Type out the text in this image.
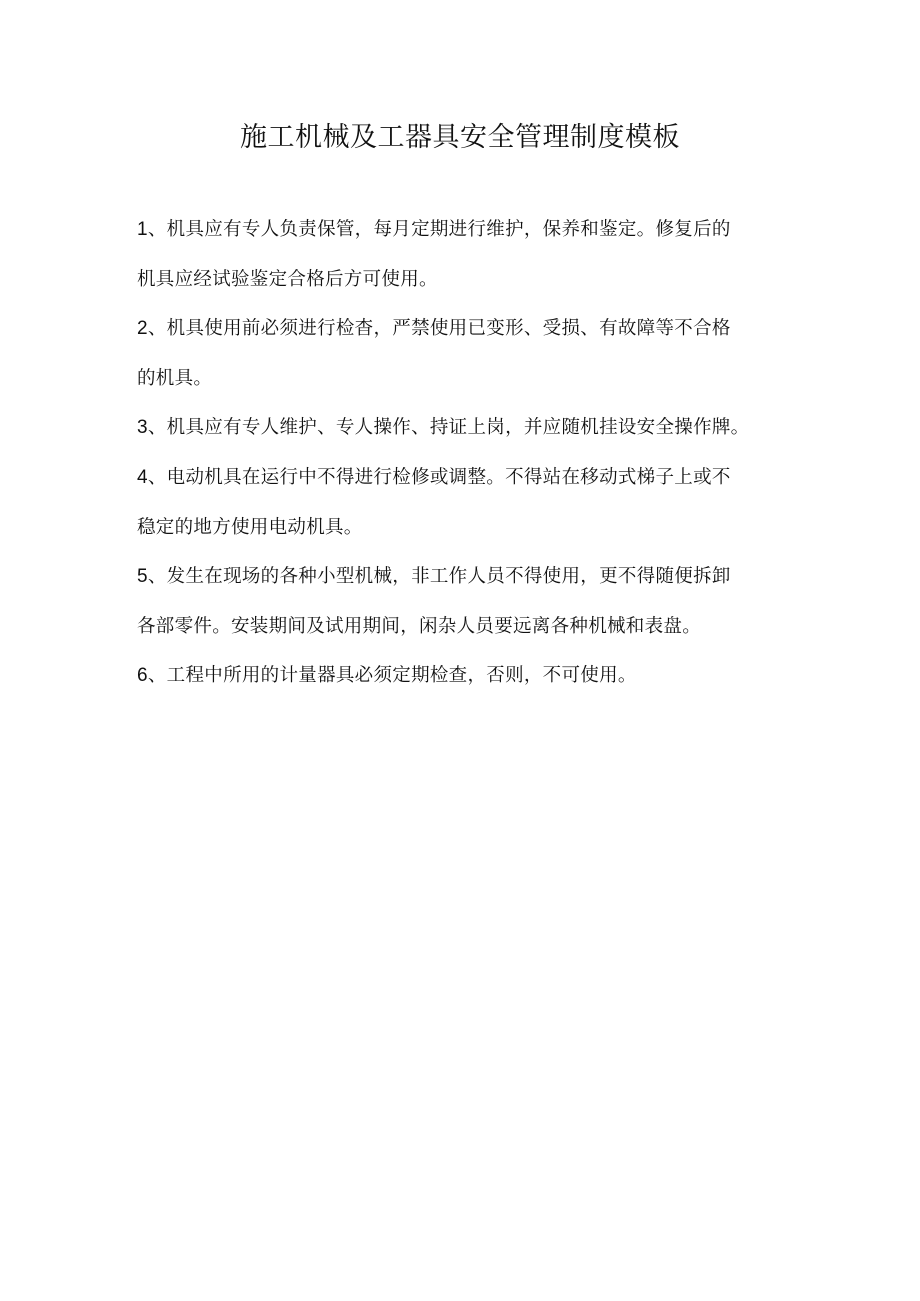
施工机械及工器具安全管理制度模板
1、机具应有专人负责保管，每月定期进行维护，保养和鉴定。修复后的
机具应经试验鉴定合格后方可使用。
2、机具使用前必须进行检杳，严禁使用已变形、受损、有故障等不合格
的机具。
3、机具应有专人维护、专人操作、持证上岗，并应随机挂设安全操作牌。
4、电动机具在运行中不得进行检修或调整。不得站在移动式梯子上或不
稳定的地方使用电动机具。
5、发生在现场的各种小型机械，非工作人员不得使用，更不得随便拆卸
各部零件。安装期间及试用期间，闲杂人员要远离各种机械和表盘。
6、工程中所用的计量器具必须定期检查，否则，不可使用。
